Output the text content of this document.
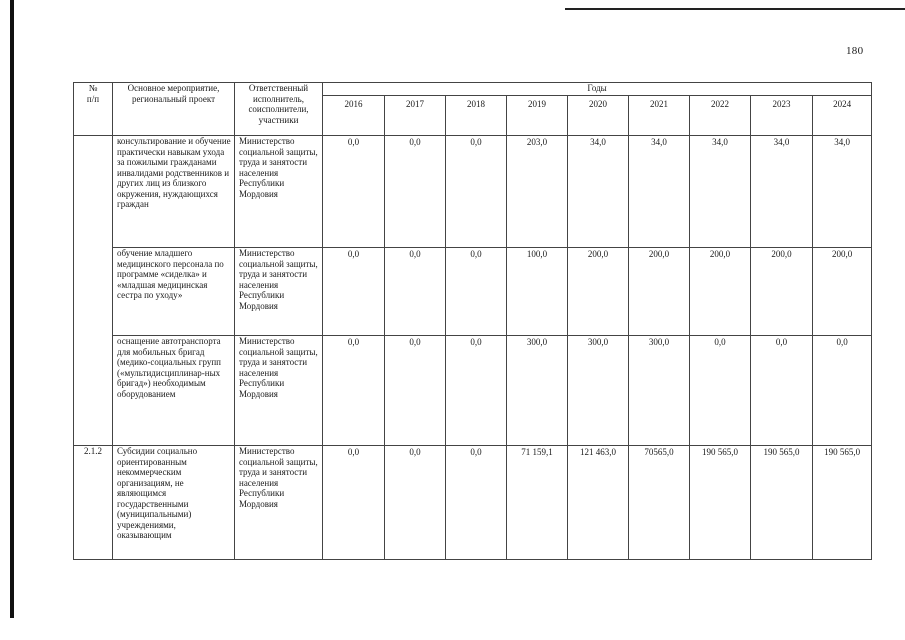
180
№
п/п	Основное мероприятие, региональный проект	Ответственный исполнитель, соисполнители, участники	Годы								
			2016	2017	2018	2019	2020	2021	2022	2023	2024
	консультирование и обучение практически навыкам ухода за пожилыми гражданами инвалидами родственников и других лиц из близкого окружения, нуждающихся граждан	Министерство социальной защиты, труда и занятости населения Республики Мордовия	0,0	0,0	0,0	203,0	34,0	34,0	34,0	34,0	34,0
	обучение младшего медицинского персонала по программе «сиделка» и «младшая медицинская сестра по уходу»	Министерство социальной защиты, труда и занятости населения Республики Мордовия	0,0	0,0	0,0	100,0	200,0	200,0	200,0	200,0	200,0
	оснащение автотранспорта для мобильных бригад (медико-социальных групп («мультидисциплинар-ных бригад») необходимым оборудованием	Министерство социальной защиты, труда и занятости населения Республики Мордовия	0,0	0,0	0,0	300,0	300,0	300,0	0,0	0,0	0,0
2.1.2	Субсидии социально ориентированным некоммерческим организациям, не являющимся государственными (муниципальными) учреждениями, оказывающим	Министерство социальной защиты, труда и занятости населения Республики Мордовия	0,0	0,0	0,0	71 159,1	121 463,0	70565,0	190 565,0	190 565,0	190 565,0
